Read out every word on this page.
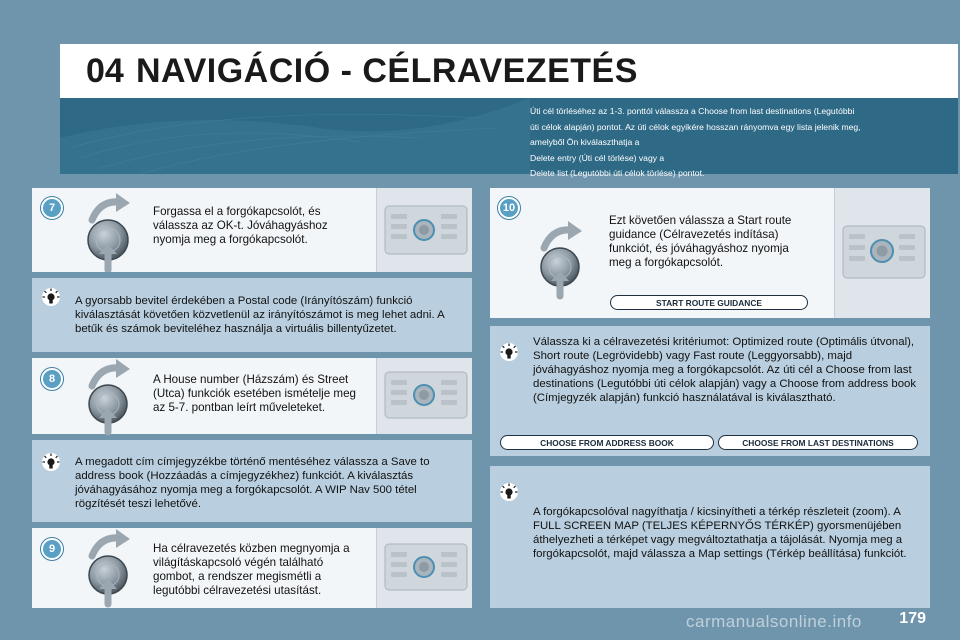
04 NAVIGÁCIÓ - CÉLRAVEZETÉS
Úti cél törléséhez az 1-3. ponttól válassza a Choose from last destinations (Legutóbbi
úti célok alapján) pontot. Az úti célok egyikére hosszan rányomva egy lista jelenik meg,
amelyből Ön kiválaszthatja a
Delete entry (Úti cél törlése) vagy a
Delete list (Legutóbbi úti célok törlése) pontot.
7	Forgassa el a forgókapcsolót, és válassza az OK-t. Jóváhagyáshoz nyomja meg a forgókapcsolót.
A gyorsabb bevitel érdekében a Postal code (Irányítószám) funkció kiválasztását követően közvetlenül az irányítószámot is meg lehet adni. A betűk és számok beviteléhez használja a virtuális billentyűzetet.
8	A House number (Házszám) és Street (Utca) funkciók esetében ismételje meg az 5-7. pontban leírt műveleteket.
A megadott cím címjegyzékbe történő mentéséhez válassza a Save to address book (Hozzáadás a címjegyzékhez) funkciót. A kiválasztás jóváhagyásához nyomja meg a forgókapcsolót. A WIP Nav 500 tétel rögzítését teszi lehetővé.
9	Ha célravezetés közben megnyomja a világításkapcsoló végén található gombot, a rendszer megismétli a legutóbbi célravezetési utasítást.
10
Ezt követően válassza a Start route guidance (Célravezetés indítása) funkciót, és jóváhagyáshoz nyomja meg a forgókapcsolót.
START ROUTE GUIDANCE
Válassza ki a célravezetési kritériumot: Optimized route (Optimális útvonal), Short route (Legrövidebb) vagy Fast route (Leggyorsabb), majd jóváhagyáshoz nyomja meg a forgókapcsolót. Az úti cél a Choose from last destinations (Legutóbbi úti célok alapján) vagy a Choose from address book (Címjegyzék alapján) funkció használatával is kiválasztható.
CHOOSE FROM ADDRESS BOOK	CHOOSE FROM LAST DESTINATIONS
A forgókapcsolóval nagyíthatja / kicsinyítheti a térkép részleteit (zoom). A FULL SCREEN MAP (TELJES KÉPERNYŐS TÉRKÉP) gyorsmenüjében áthelyezheti a térképet vagy megváltoztathatja a tájolását. Nyomja meg a forgókapcsolót, majd válassza a Map settings (Térkép beállítása) funkciót.
179
carmanualsonline.info
